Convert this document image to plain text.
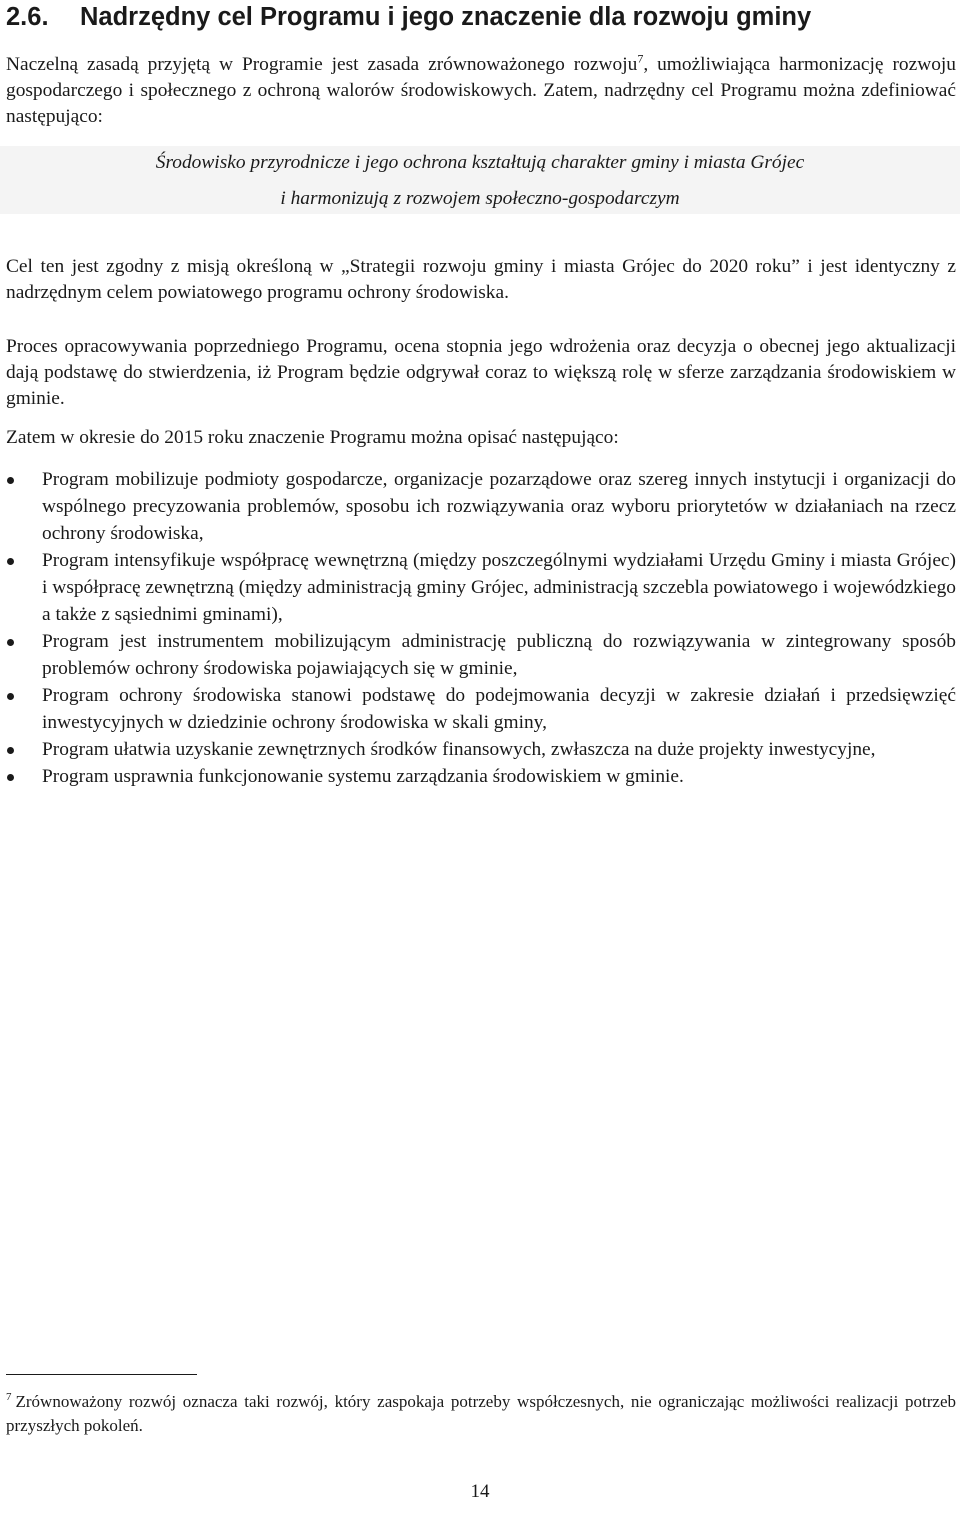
2.6. Nadrzędny cel Programu i jego znaczenie dla rozwoju gminy

Naczelną zasadą przyjętą w Programie jest zasada zrównoważonego rozwoju$^7$, umożliwiająca harmonizację rozwoju gospodarczego i społecznego z ochroną walorów środowiskowych. Zatem, nadrzędny cel Programu można zdefiniować następująco:

Środowisko przyrodnicze i jego ochrona kształtują charakter gminy i miasta Grójec
i harmonizują z rozwojem społeczno-gospodarczym

Cel ten jest zgodny z misją określoną w „Strategii rozwoju gminy i miasta Grójec do 2020 roku” i jest identyczny z nadrzędnym celem powiatowego programu ochrony środowiska.

Proces opracowywania poprzedniego Programu, ocena stopnia jego wdrożenia oraz decyzja o obecnej jego aktualizacji dają podstawę do stwierdzenia, iż Program będzie odgrywał coraz to większą rolę w sferze zarządzania środowiskiem w gminie.

Zatem w okresie do 2015 roku znaczenie Programu można opisać następująco:

Program mobilizuje podmioty gospodarcze, organizacje pozarządowe oraz szereg innych instytucji i organizacji do wspólnego precyzowania problemów, sposobu ich rozwiązywania oraz wyboru priorytetów w działaniach na rzecz ochrony środowiska,
Program intensyfikuje współpracę wewnętrzną (między poszczególnymi wydziałami Urzędu Gminy i miasta Grójec) i współpracę zewnętrzną (między administracją gminy Grójec, administracją szczebla powiatowego i wojewódzkiego a także z sąsiednimi gminami),
Program jest instrumentem mobilizującym administrację publiczną do rozwiązywania w zintegrowany sposób problemów ochrony środowiska pojawiających się w gminie,
Program ochrony środowiska stanowi podstawę do podejmowania decyzji w zakresie działań i przedsięwzięć inwestycyjnych w dziedzinie ochrony środowiska w skali gminy,
Program ułatwia uzyskanie zewnętrznych środków finansowych, zwłaszcza na duże projekty inwestycyjne,
Program usprawnia funkcjonowanie systemu zarządzania środowiskiem w gminie.

$^7$ Zrównoważony rozwój oznacza taki rozwój, który zaspokaja potrzeby współczesnych, nie ograniczając możliwości realizacji potrzeb przyszłych pokoleń.

14
